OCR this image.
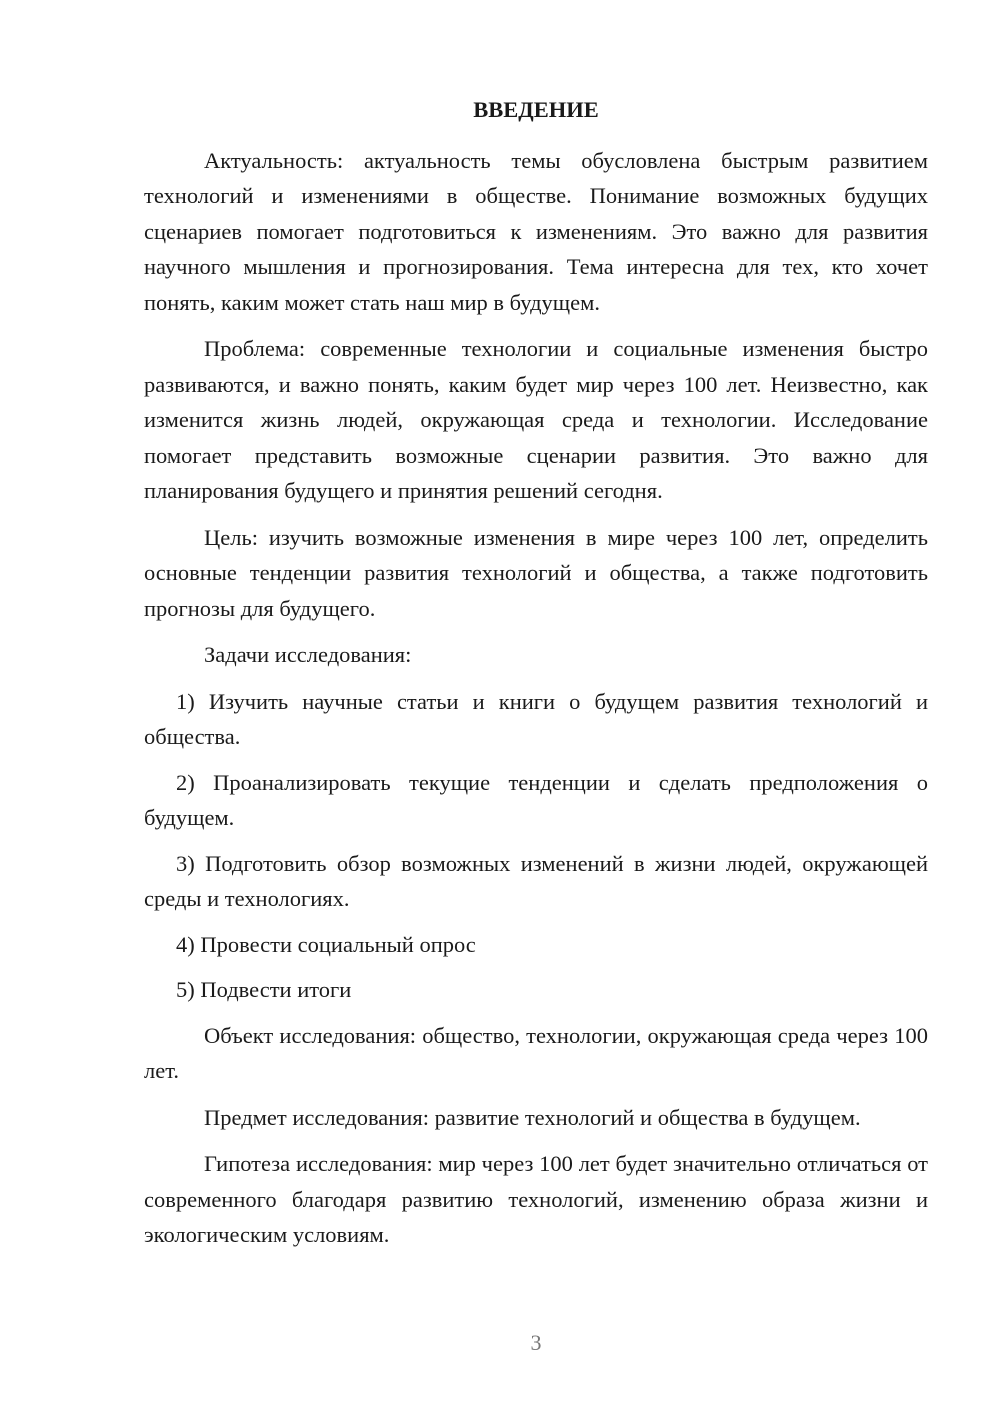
ВВЕДЕНИЕ

Актуальность: актуальность темы обусловлена быстрым развитием технологий и изменениями в обществе. Понимание возможных будущих сценариев помогает подготовиться к изменениям. Это важно для развития научного мышления и прогнозирования. Тема интересна для тех, кто хочет понять, каким может стать наш мир в будущем.

Проблема: современные технологии и социальные изменения быстро развиваются, и важно понять, каким будет мир через 100 лет. Неизвестно, как изменится жизнь людей, окружающая среда и технологии. Исследование помогает представить возможные сценарии развития. Это важно для планирования будущего и принятия решений сегодня.

Цель: изучить возможные изменения в мире через 100 лет, определить основные тенденции развития технологий и общества, а также подготовить прогнозы для будущего.

Задачи исследования:

1) Изучить научные статьи и книги о будущем развития технологий и общества.

2) Проанализировать текущие тенденции и сделать предположения о будущем.

3) Подготовить обзор возможных изменений в жизни людей, окружающей среды и технологиях.

4) Провести социальный опрос

5) Подвести итоги

Объект исследования: общество, технологии, окружающая среда через 100 лет.

Предмет исследования: развитие технологий и общества в будущем.

Гипотеза исследования: мир через 100 лет будет значительно отличаться от современного благодаря развитию технологий, изменению образа жизни и экологическим условиям.

3
